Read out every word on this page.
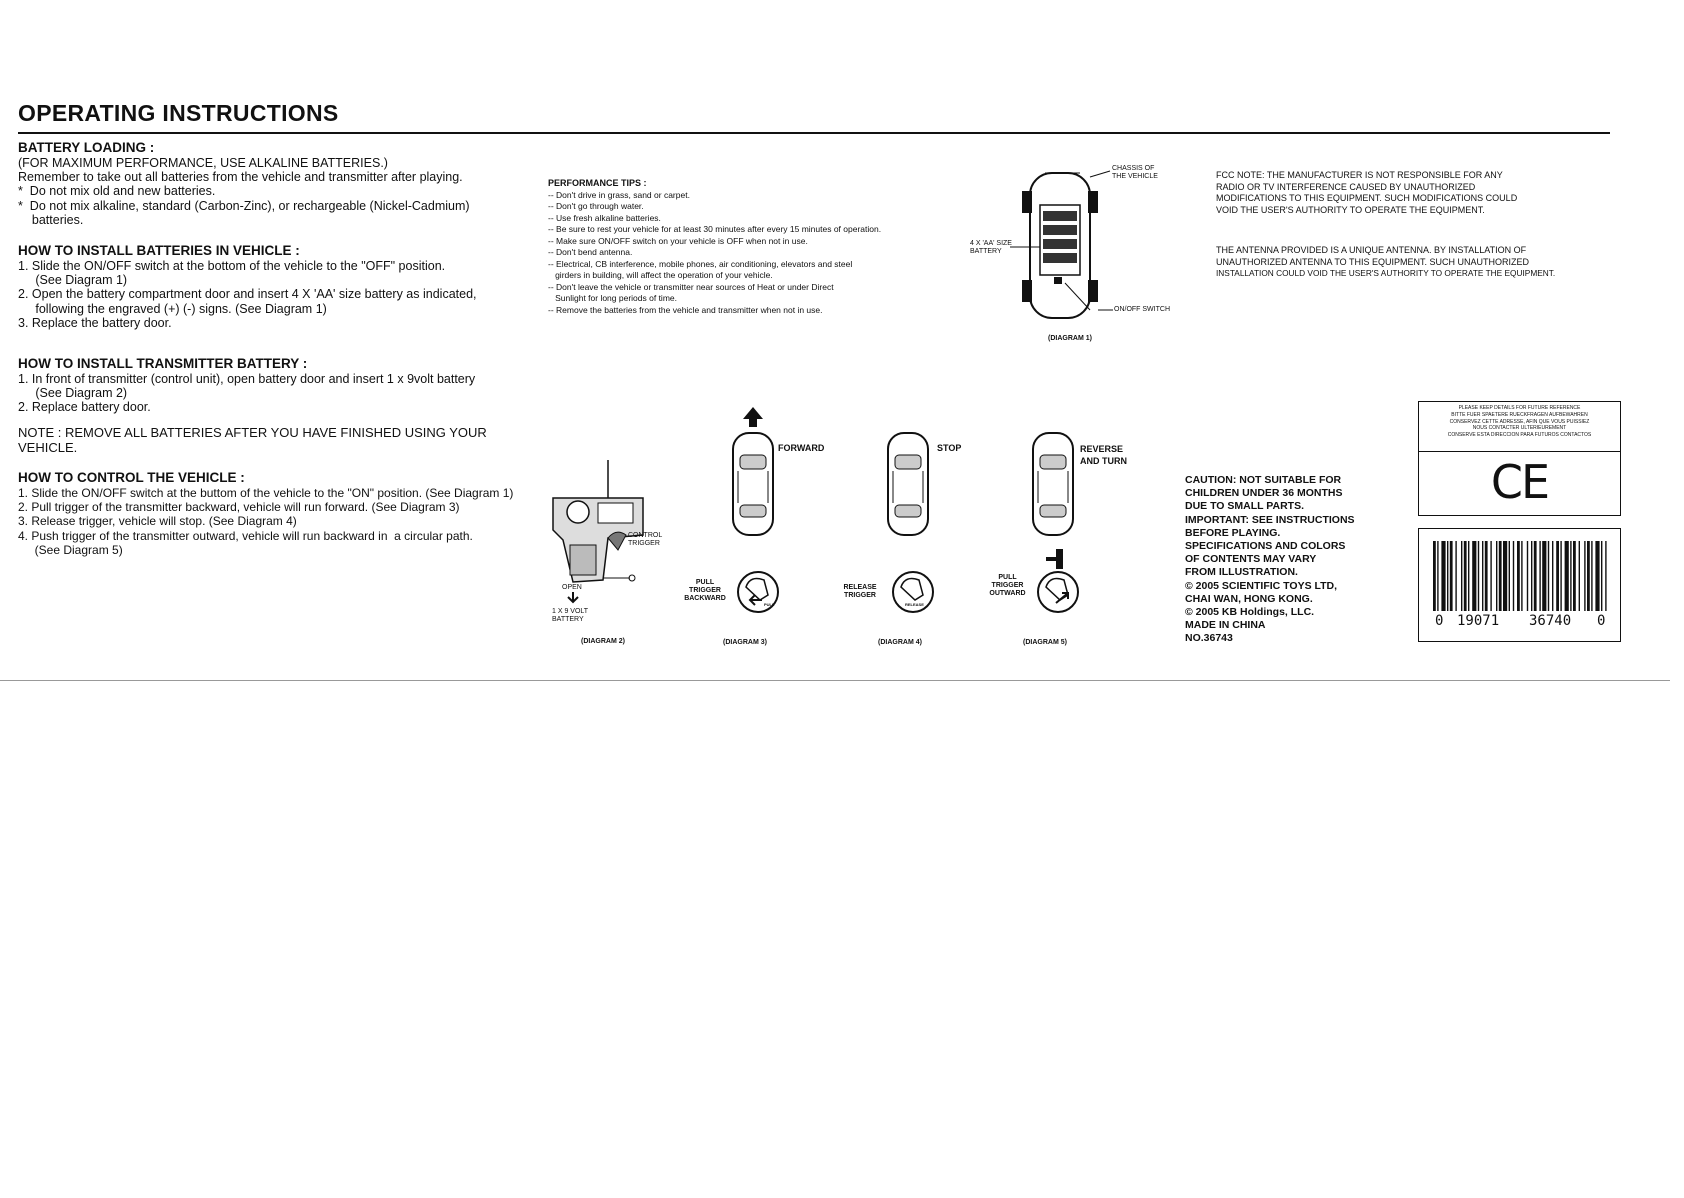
OPERATING INSTRUCTIONS
BATTERY LOADING :
(FOR MAXIMUM PERFORMANCE, USE ALKALINE BATTERIES.)
Remember to take out all batteries from the vehicle and transmitter after playing.
*  Do not mix old and new batteries.
*  Do not mix alkaline, standard (Carbon-Zinc), or rechargeable (Nickel-Cadmium)
batteries.
HOW TO INSTALL BATTERIES IN VEHICLE :
1. Slide the ON/OFF switch at the bottom of the vehicle to the "OFF" position.
(See Diagram 1)
2. Open the battery compartment door and insert 4 X 'AA' size battery as indicated,
following the engraved (+) (-) signs. (See Diagram 1)
3. Replace the battery door.
HOW TO INSTALL TRANSMITTER BATTERY :
1. In front of transmitter (control unit), open battery door and insert 1 x 9volt battery
(See Diagram 2)
2. Replace battery door.
NOTE : REMOVE ALL BATTERIES AFTER YOU HAVE FINISHED USING YOUR
VEHICLE.
HOW TO CONTROL THE VEHICLE :
1. Slide the ON/OFF switch at the buttom of the vehicle to the "ON" position. (See Diagram 1)
2. Pull trigger of the transmitter backward, vehicle will run forward. (See Diagram 3)
3. Release trigger, vehicle will stop. (See Diagram 4)
4. Push trigger of the transmitter outward, vehicle will run backward in  a circular path.
(See Diagram 5)
PERFORMANCE TIPS :
-- Don't drive in grass, sand or carpet.
-- Don't go through water.
-- Use fresh alkaline batteries.
-- Be sure to rest your vehicle for at least 30 minutes after every 15 minutes of operation.
-- Make sure ON/OFF switch on your vehicle is OFF when not in use.
-- Don't bend antenna.
-- Electrical, CB interference, mobile phones, air conditioning, elevators and steel
girders in building, will affect the operation of your vehicle.
-- Don't leave the vehicle or transmitter near sources of Heat or under Direct
Sunlight for long periods of time.
-- Remove the batteries from the vehicle and transmitter when not in use.
CHASSIS OF
THE VEHICLE
4 X 'AA' SIZE
BATTERY
ON/OFF SWITCH
(DIAGRAM 1)
FCC NOTE: THE MANUFACTURER IS NOT RESPONSIBLE FOR ANY
RADIO OR TV INTERFERENCE CAUSED BY UNAUTHORIZED
MODIFICATIONS TO THIS EQUIPMENT. SUCH MODIFICATIONS COULD
VOID THE USER'S AUTHORITY TO OPERATE THE EQUIPMENT.
THE ANTENNA PROVIDED IS A UNIQUE ANTENNA. BY INSTALLATION OF
UNAUTHORIZED ANTENNA TO THIS EQUIPMENT. SUCH UNAUTHORIZED
INSTALLATION COULD VOID THE USER'S AUTHORITY TO OPERATE THE EQUIPMENT.
CONTROL
TRIGGER
OPEN
1 X 9 VOLT
BATTERY
(DIAGRAM 2)
FORWARD
PULL
TRIGGER
BACKWARD
PULL
(DIAGRAM 3)
STOP
RELEASE
TRIGGER
RELEASE
(DIAGRAM 4)
REVERSE
AND TURN
PULL
TRIGGER
OUTWARD
(DIAGRAM 5)
CAUTION: NOT SUITABLE FOR
CHILDREN UNDER 36 MONTHS
DUE TO SMALL PARTS.
IMPORTANT: SEE INSTRUCTIONS
BEFORE PLAYING.
SPECIFICATIONS AND COLORS
OF CONTENTS MAY VARY
FROM ILLUSTRATION.
© 2005 SCIENTIFIC TOYS LTD,
CHAI WAN, HONG KONG.
© 2005 KB Holdings, LLC.
MADE IN CHINA
NO.36743
PLEASE KEEP DETAILS FOR FUTURE REFERENCE
BITTE FUER SPAETERE RUECKFRAGEN AUFBEWAHREN
CONSERVEZ CETTE ADRESSE, AFIN QUE VOUS PUISSIEZ
NOUS CONTACTER ULTERIEUREMENT
CONSERVE ESTA DIRECCION PARA FUTUROS CONTACTOS
CE
0 19071 36740 0
